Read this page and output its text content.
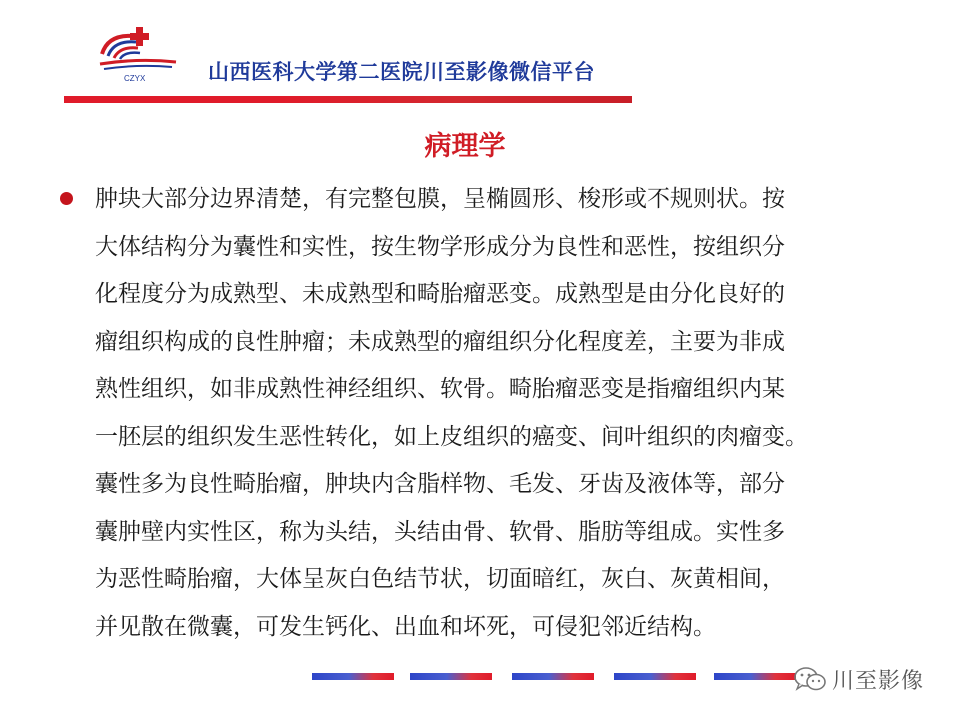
CZYX	山西医科大学第二医院川至影像微信平台
病理学
肿块大部分边界清楚，有完整包膜，呈椭圆形、梭形或不规则状。按
大体结构分为囊性和实性，按生物学形成分为良性和恶性，按组织分
化程度分为成熟型、未成熟型和畸胎瘤恶变。成熟型是由分化良好的
瘤组织构成的良性肿瘤；未成熟型的瘤组织分化程度差，主要为非成
熟性组织，如非成熟性神经组织、软骨。畸胎瘤恶变是指瘤组织内某
一胚层的组织发生恶性转化，如上皮组织的癌变、间叶组织的肉瘤变。
囊性多为良性畸胎瘤，肿块内含脂样物、毛发、牙齿及液体等，部分
囊肿壁内实性区，称为头结，头结由骨、软骨、脂肪等组成。实性多
为恶性畸胎瘤，大体呈灰白色结节状，切面暗红，灰白、灰黄相间，
并见散在微囊，可发生钙化、出血和坏死，可侵犯邻近结构。
川至影像
